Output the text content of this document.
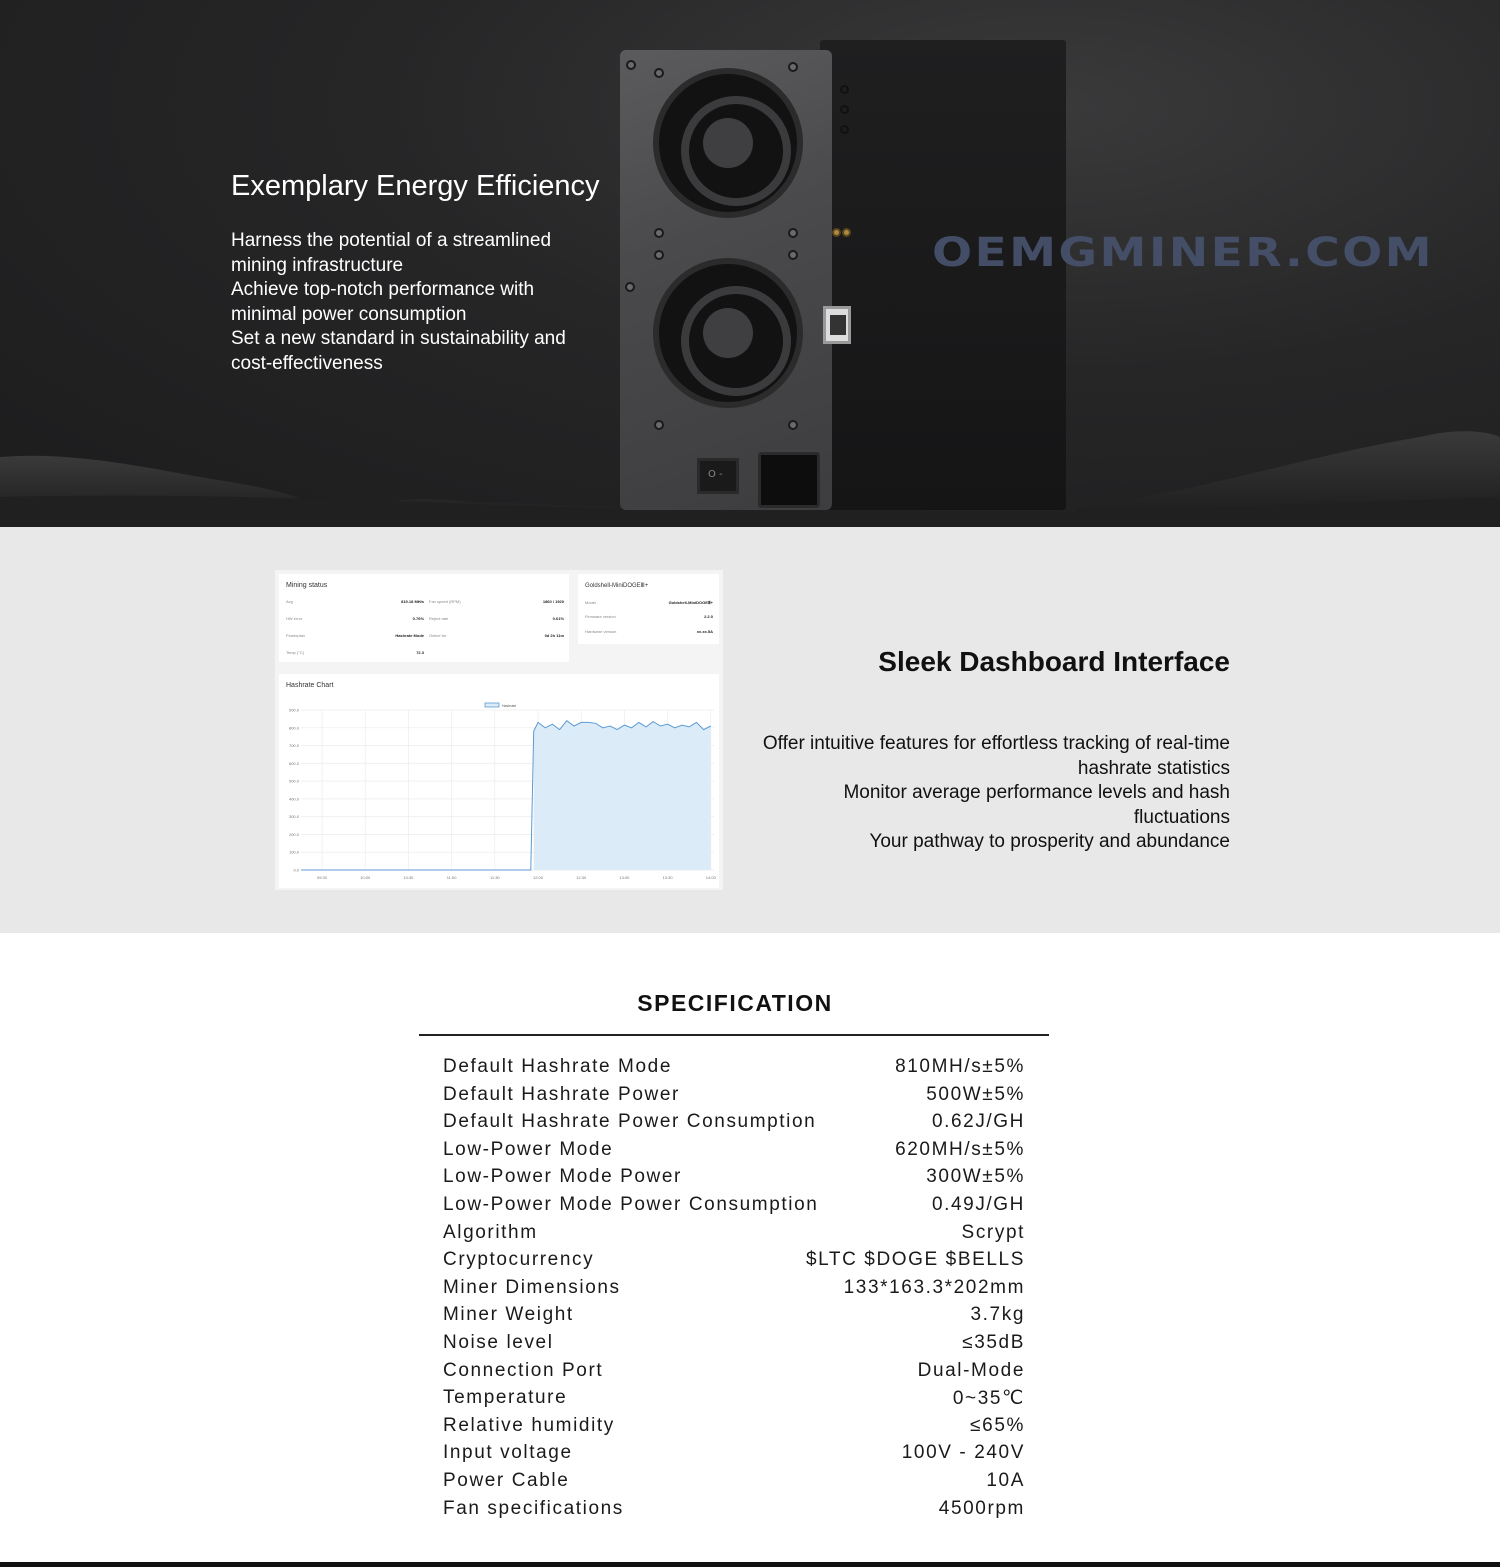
O -
Exemplary Energy Efficiency
Harness the potential of a streamlined
mining infrastructure
Achieve top-notch performance with
minimal power consumption
Set a new standard in sustainability and
cost-effectiveness
OEMGMINER.COM
Mining status
Avg	819.18 MH/s
HW error	0.76%
Powerplan	Hashrate Mode
Temp (°C)	72.3
Fan speed (RPM)	1860 / 1920
Reject rate	0.61%
Online for	0d 2h 11m
Goldshell-MiniDOGEⅢ+
Model	Goldshell-MiniDOGEⅢ+
Firmware version	2.2.0
Hardware version	xx.xx.5A
Hashrate Chart
0.0
100.0
200.0
300.0
400.0
500.0
600.0
700.0
800.0
900.0
09:30	10:00	10:30	11:00	11:30	12:00	12:30	13:00	13:30	14:00
Hashrate
Sleek Dashboard Interface
Offer intuitive features for effortless tracking of real-time
hashrate statistics
Monitor average performance levels and hash
fluctuations
Your pathway to prosperity and abundance
SPECIFICATION
Default Hashrate Mode	810MH/s±5%
Default Hashrate Power	500W±5%
Default Hashrate Power Consumption	0.62J/GH
Low-Power Mode	620MH/s±5%
Low-Power Mode Power	300W±5%
Low-Power Mode Power Consumption	0.49J/GH
Algorithm	Scrypt
Cryptocurrency	$LTC $DOGE $BELLS
Miner Dimensions	133*163.3*202mm
Miner Weight	3.7kg
Noise level	≤35dB
Connection Port	Dual-Mode
Temperature	0~35℃
Relative humidity	≤65%
Input voltage	100V - 240V
Power Cable	10A
Fan specifications	4500rpm
